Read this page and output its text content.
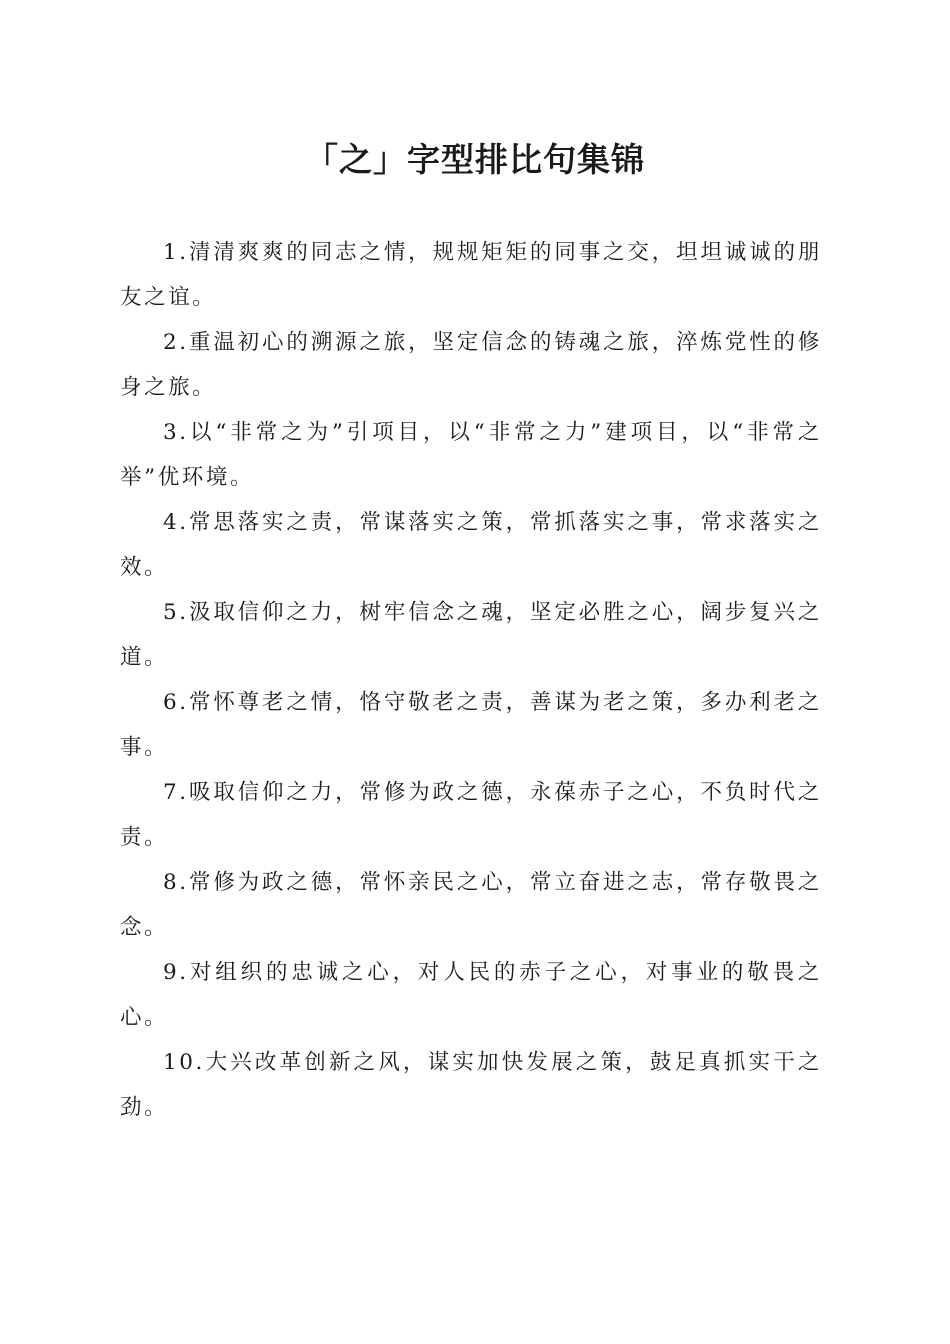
「之」字型排比句集锦

1.清清爽爽的同志之情，规规矩矩的同事之交，坦坦诚诚的朋友之谊。

2.重温初心的溯源之旅，坚定信念的铸魂之旅，淬炼党性的修身之旅。

3.以“非常之为”引项目，以“非常之力”建项目，以“非常之举”优环境。

4.常思落实之责，常谋落实之策，常抓落实之事，常求落实之效。

5.汲取信仰之力，树牢信念之魂，坚定必胜之心，阔步复兴之道。

6.常怀尊老之情，恪守敬老之责，善谋为老之策，多办利老之事。

7.吸取信仰之力，常修为政之德，永葆赤子之心，不负时代之责。

8.常修为政之德，常怀亲民之心，常立奋进之志，常存敬畏之念。

9.对组织的忠诚之心，对人民的赤子之心，对事业的敬畏之心。

10.大兴改革创新之风，谋实加快发展之策，鼓足真抓实干之劲。
